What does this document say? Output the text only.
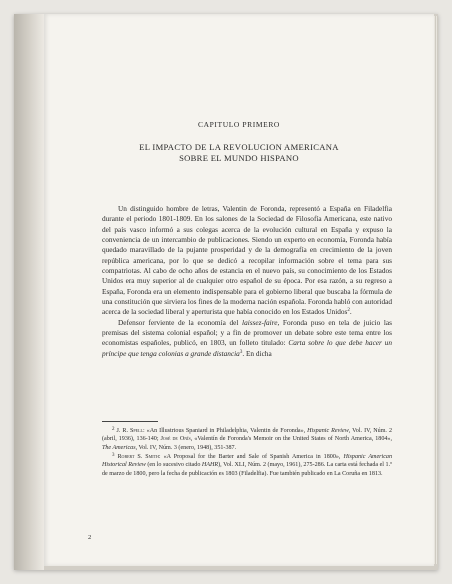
CAPITULO PRIMERO
EL IMPACTO DE LA REVOLUCION AMERICANA
SOBRE EL MUNDO HISPANO

Un distinguido hombre de letras, Valentin de Foronda, representó a España en Filadelfia durante el periodo 1801-1809. En los salones de la Sociedad de Filosofía Americana, este nativo del país vasco informó a sus colegas acerca de la evolución cultural en España y expuso la conveniencia de un intercambio de publicaciones. Siendo un experto en economía, Foronda había quedado maravillado de la pujante prosperidad y de la demografía en crecimiento de la joven república americana, por lo que se dedicó a recopilar información sobre el tema para sus compatriotas. Al cabo de ocho años de estancia en el nuevo país, su conocimiento de los Estados Unidos era muy superior al de cualquier otro español de su época. Por esa razón, a su regreso a España, Foronda era un elemento indispensable para el gobierno liberal que buscaba la fórmula de una constitución que sirviera los fines de la moderna nación española. Foronda habló con autoridad acerca de la sociedad liberal y aperturista que había conocido en los Estados Unidos$^2$.

Defensor ferviente de la economía del laissez-faire, Foronda puso en tela de juicio las premisas del sistema colonial español; y a fin de promover un debate sobre este tema entre los economistas españoles, publicó, en 1803, un folleto titulado: Carta sobre lo que debe hacer un príncipe que tenga colonias a grande distancia$^3$. En dicha

$^2$ J. R. Spell: «An Illustrious Spaniard in Philadelphia, Valentin de Foronda», Hispanic Review, Vol. IV, Núm. 2 (abril, 1936), 136-140; José de Onís, «Valentín de Foronda's Memoir on the United States of North America, 1804», The Americas, Vol. IV, Núm. 3 (enero, 1948), 351-387.

$^3$ Robert S. Smith: «A Proposal for the Barter and Sale of Spanish America in 1800», Hispanic American Historical Review (en lo sucesivo citado HAHR), Vol. XLI, Núm. 2 (mayo, 1961), 275-286. La carta está fechada el 1.º de marzo de 1800, pero la fecha de publicación es 1803 (Filadelfia). Fue también publicado en La Coruña en 1813.

2
